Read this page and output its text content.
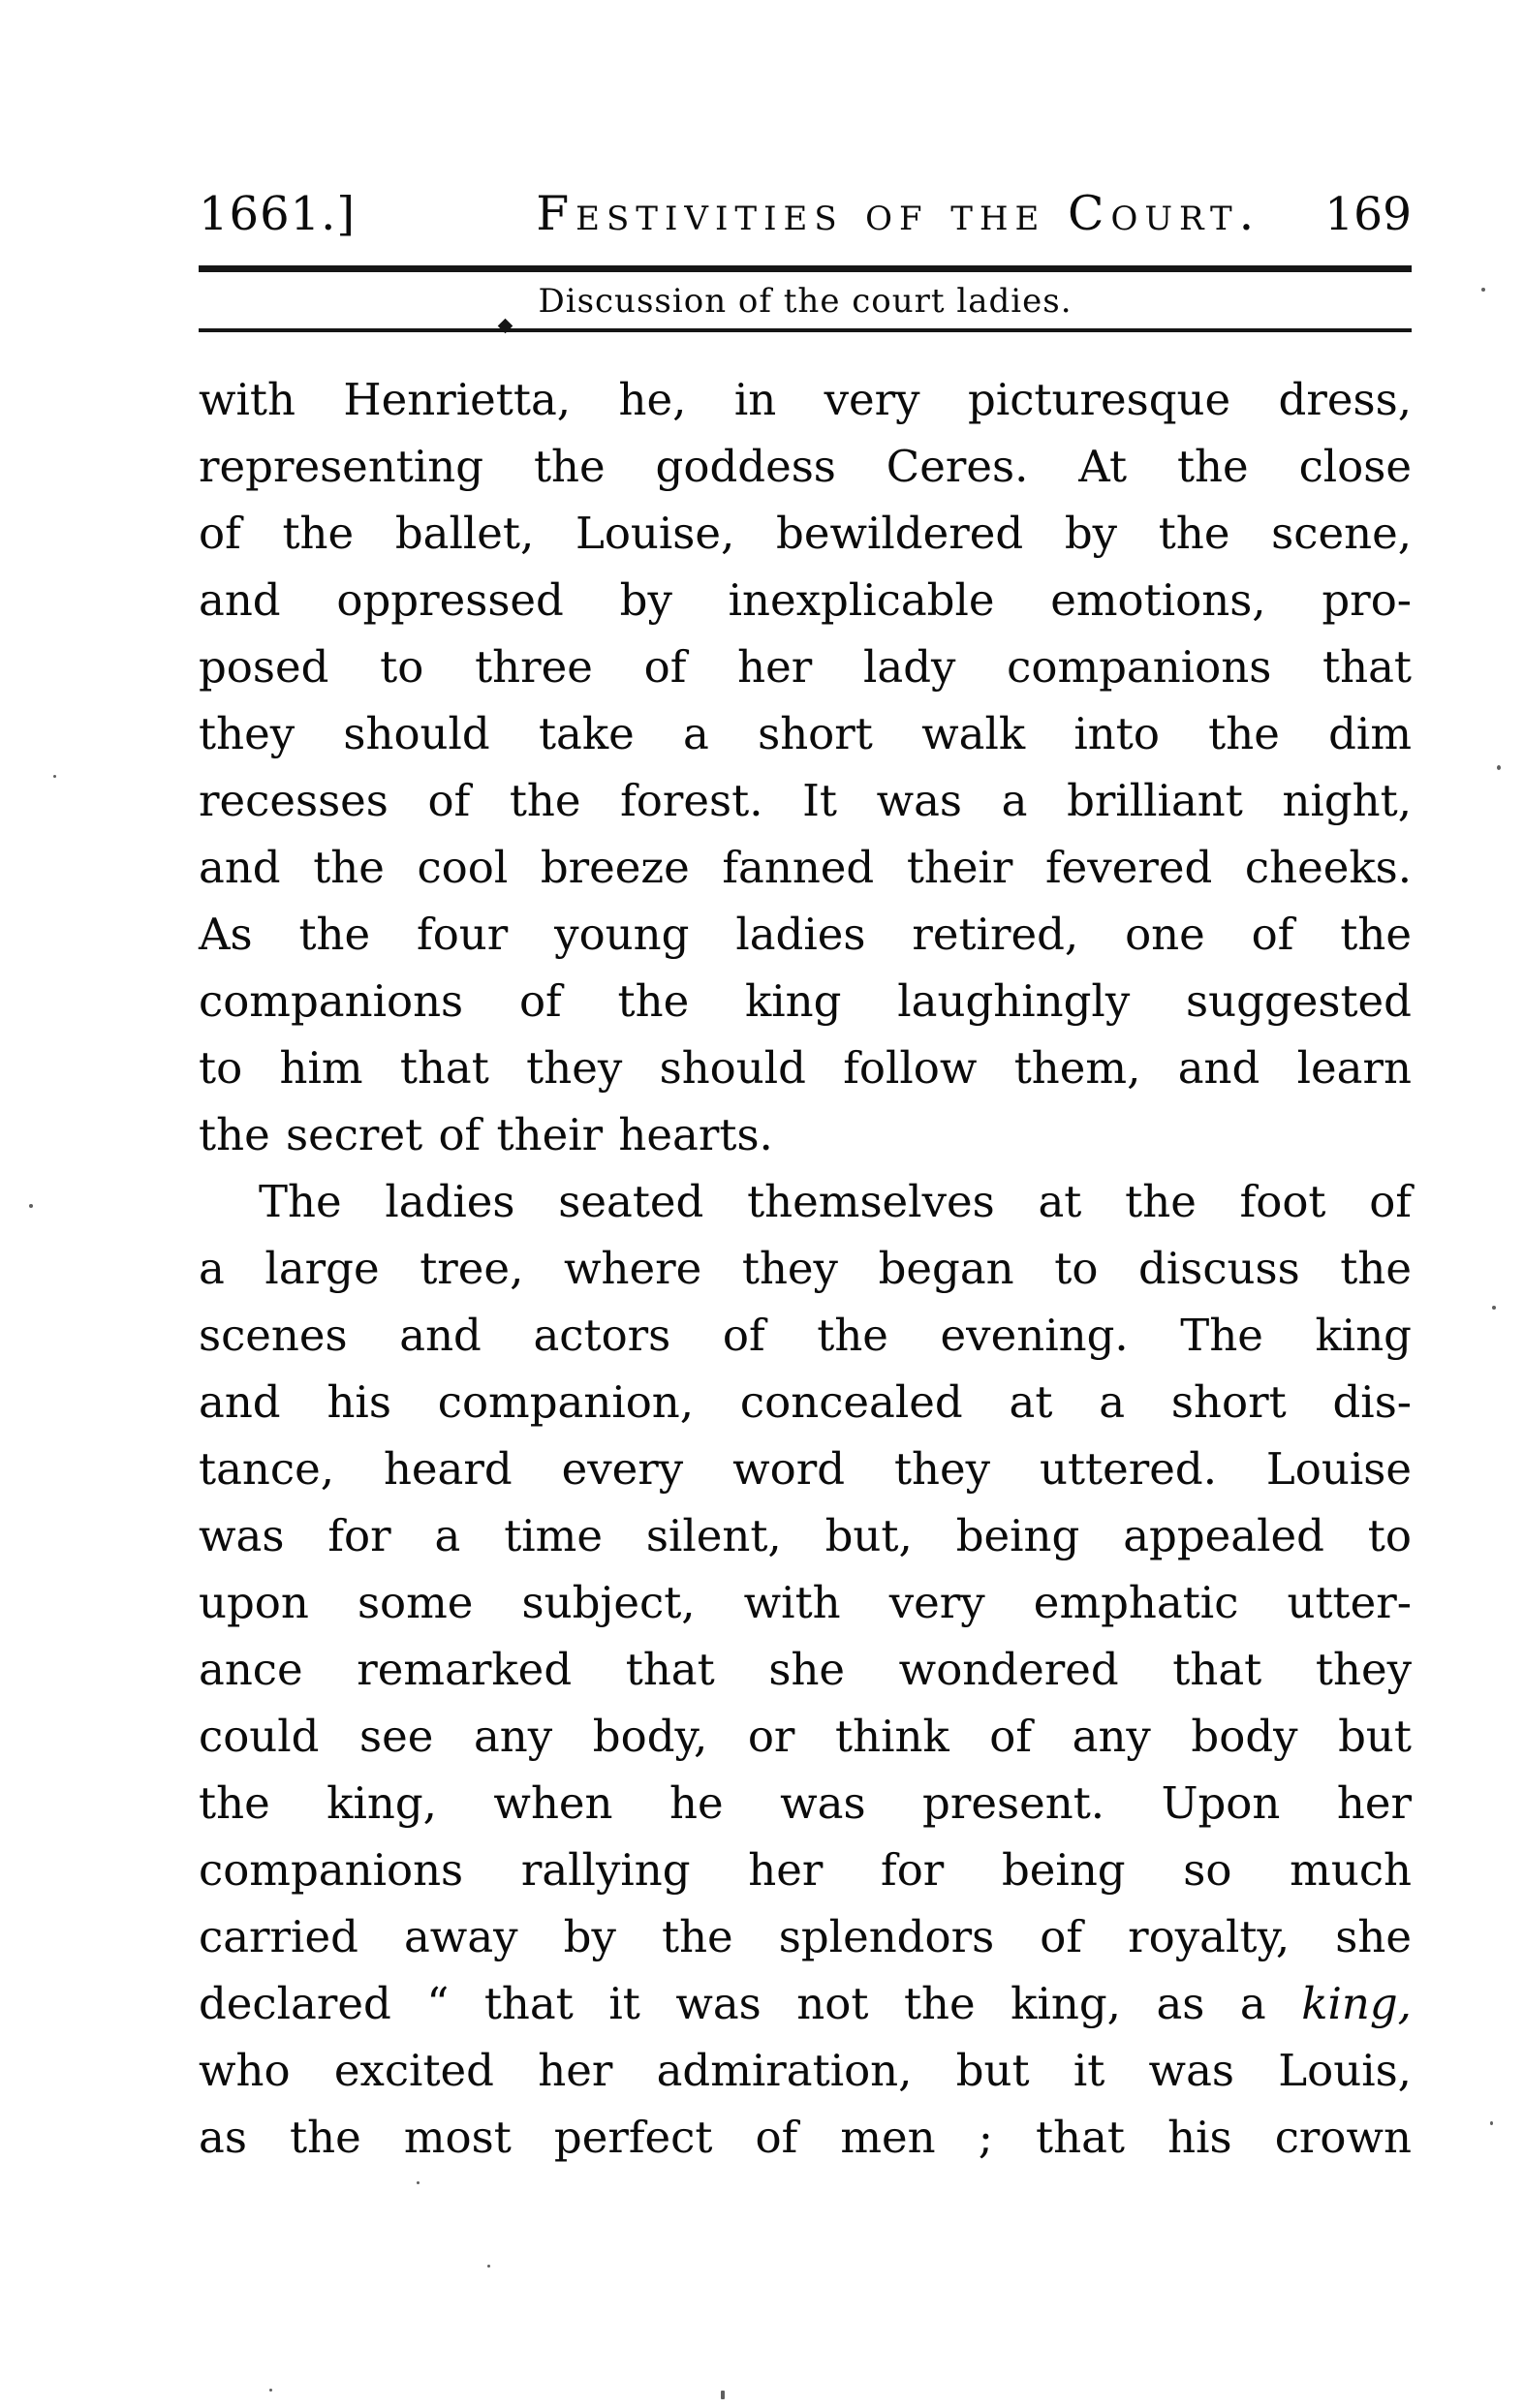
1661.]	Festivities of the Court.	169
Discussion of the court ladies.
with Henrietta, he, in very picturesque dress,
representing the goddess Ceres. At the close
of the ballet, Louise, bewildered by the scene,
and oppressed by inexplicable emotions, pro-
posed to three of her lady companions that
they should take a short walk into the dim
recesses of the forest. It was a brilliant night,
and the cool breeze fanned their fevered cheeks.
As the four young ladies retired, one of the
companions of the king laughingly suggested
to him that they should follow them, and learn
the secret of their hearts.
The ladies seated themselves at the foot of
a large tree, where they began to discuss the
scenes and actors of the evening. The king
and his companion, concealed at a short dis-
tance, heard every word they uttered. Louise
was for a time silent, but, being appealed to
upon some subject, with very emphatic utter-
ance remarked that she wondered that they
could see any body, or think of any body but
the king, when he was present. Upon her
companions rallying her for being so much
carried away by the splendors of royalty, she
declared “ that it was not the king, as a king,
who excited her admiration, but it was Louis,
as the most perfect of men ; that his crown
